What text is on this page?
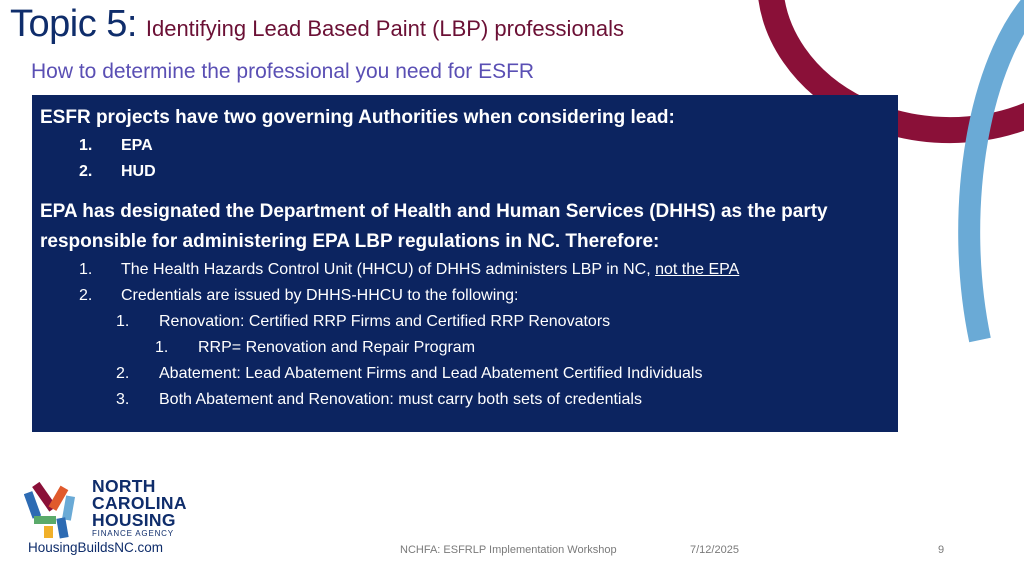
Topic 5: Identifying Lead Based Paint (LBP) professionals
How to determine the professional you need for ESFR
ESFR projects have two governing Authorities when considering lead:
1. EPA
2. HUD
EPA has designated the Department of Health and Human Services (DHHS) as the party responsible for administering EPA LBP regulations in NC. Therefore:
1. The Health Hazards Control Unit (HHCU) of DHHS administers LBP in NC, not the EPA
2. Credentials are issued by DHHS-HHCU to the following:
1. Renovation: Certified RRP Firms and Certified RRP Renovators
1. RRP= Renovation and Repair Program
2. Abatement: Lead Abatement Firms and Lead Abatement Certified Individuals
3. Both Abatement and Renovation: must carry both sets of credentials
NORTH
CAROLINA
HOUSING
FINANCE AGENCY
HousingBuildsNC.com	NCHFA: ESFRLP Implementation Workshop	7/12/2025	9
